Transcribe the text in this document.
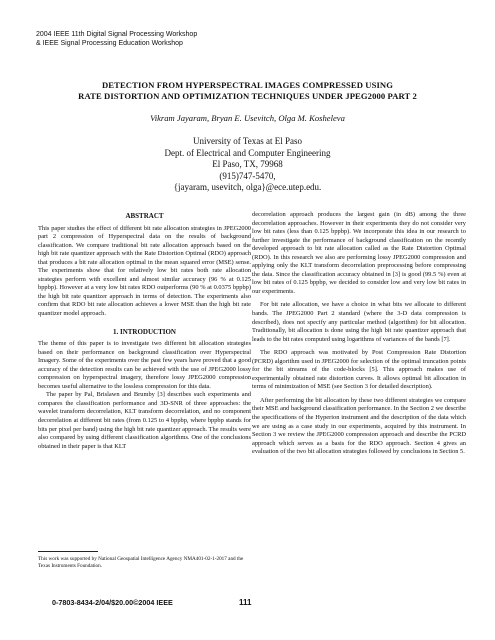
2004 IEEE 11th Digital Signal Processing Workshop
& IEEE Signal Processing Education Workshop
DETECTION FROM HYPERSPECTRAL IMAGES COMPRESSED USING
RATE DISTORTION AND OPTIMIZATION TECHNIQUES UNDER JPEG2000 PART 2
Vikram Jayaram, Bryan E. Usevitch, Olga M. Kosheleva
University of Texas at El Paso
Dept. of Electrical and Computer Engineering
El Paso, TX, 79968
(915)747-5470,
{jayaram, usevitch, olga}@ece.utep.edu.
ABSTRACT

This paper studies the effect of different bit rate allocation strategies in JPEG2000 part 2 compression of Hyperspectral data on the results of background classification. We compare traditional bit rate allocation approach based on the high bit rate quantizer approach with the Rate Distortion Optimal (RDO) approach that produces a bit rate allocation optimal in the mean squared error (MSE) sense. The experiments show that for relatively low bit rates both rate allocation strategies perform with excellent and almost similar accuracy (96 % at 0.125 bppbp). However at a very low bit rates RDO outperforms (90 % at 0.0375 bppbp) the high bit rate quantizer approach in terms of detection. The experiments also confirm that RDO bit rate allocation achieves a lower MSE than the high bit rate quantizer model approach.

1. INTRODUCTION

The theme of this paper is to investigate two different bit allocation strategies based on their performance on background classification over Hyperspectral Imagery. Some of the experiments over the past few years have proved that a good accuracy of the detection results can be achieved with the use of JPEG2000 lossy compression on hyperspectral imagery, therefore lossy JPEG2000 compression becomes useful alternative to the lossless compression for this data.

The paper by Pal, Brislawn and Brumby [3] describes such experiments and compares the classification performance and 3D-SNR of three approaches: the wavelet transform decorrelation, KLT transform decorrelation, and no component decorrelation at different bit rates (from 0.125 to 4 bppbp, where bppbp stands for bits per pixel per band) using the high bit rate quantizer approach. The results were also compared by using different classification algorithms. One of the conclusions obtained in their paper is that KLT

decorrelation approach produces the largest gain (in dB) among the three decorrelation approaches. However in their experiments they do not consider very low bit rates (less than 0.125 bppbp). We incorporate this idea in our research to further investigate the performance of background classification on the recently developed approach to bit rate allocation called as the Rate Distortion Optimal (RDO). In this research we also are performing lossy JPEG2000 compression and applying only the KLT transform decorrelation preprocessing before compressing the data. Since the classification accuracy obtained in [3] is good (99.5 %) even at low bit rates of 0.125 bppbp, we decided to consider low and very low bit rates in our experiments.

For bit rate allocation, we have a choice in what bits we allocate to different bands. The JPEG2000 Part 2 standard (where the 3-D data compression is described), does not specify any particular method (algorithm) for bit allocation. Traditionally, bit allocation is done using the high bit rate quantizer approach that leads to the bit rates computed using logarithms of variances of the bands [7].

The RDO approach was motivated by Post Compression Rate Distortion (PCRD) algorithm used in JPEG2000 for selection of the optimal truncation points for the bit streams of the code-blocks [5]. This approach makes use of experimentally obtained rate distortion curves. It allows optimal bit allocation in terms of minimization of MSE (see Section 3 for detailed description).

After performing the bit allocation by these two different strategies we compare their MSE and background classification performance. In the Section 2 we describe the specifications of the Hyperion instrument and the description of the data which we are using as a case study in our experiments, acquired by this instrument. In Section 3 we review the JPEG2000 compression approach and describe the PCRD approach which serves as a basis for the RDO approach. Section 4 gives an evaluation of the two bit allocation strategies followed by conclusions in Section 5.

This work was supported by National Geospatial Intelligence Agency NMA401-02-1-2017 and the Texas Instruments Foundation.
0-7803-8434-2/04/$20.00©2004 IEEE	111
